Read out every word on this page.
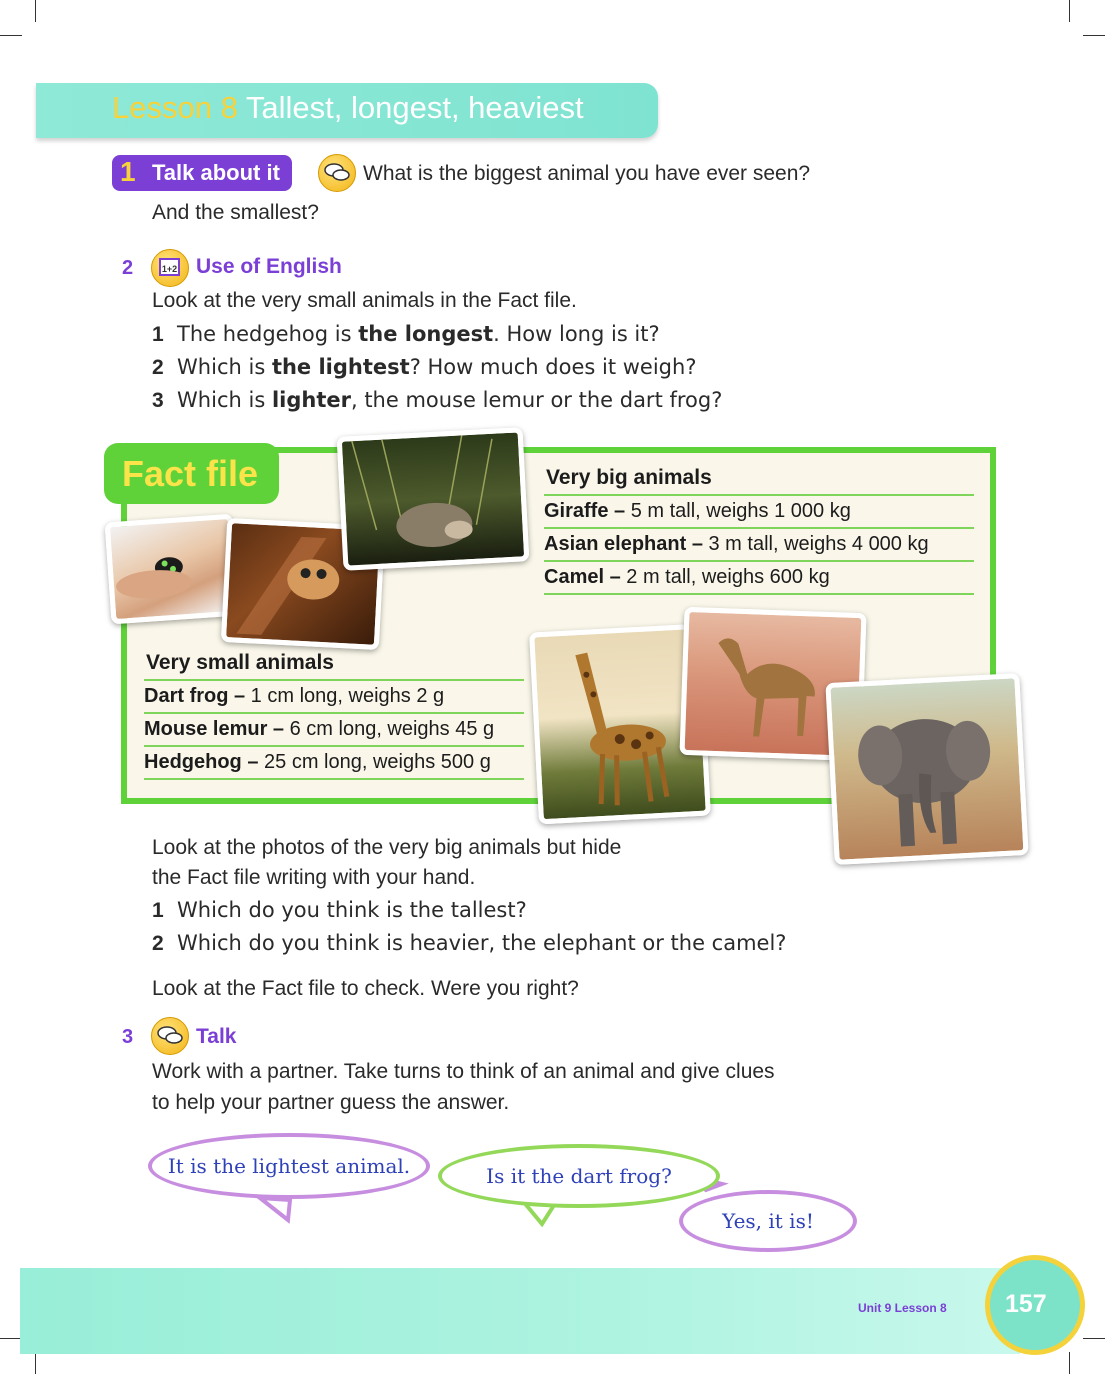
Lesson 8 Tallest, longest, heaviest
1 Talk about it	What is the biggest animal you have ever seen?
And the smallest?
2	1+2 Use of English
Look at the very small animals in the Fact file.
1 The hedgehog is the longest. How long is it?
2 Which is the lightest? How much does it weigh?
3 Which is lighter, the mouse lemur or the dart frog?
Fact file	Very big animals
Giraffe – 5 m tall, weighs 1 000 kg
Asian elephant – 3 m tall, weighs 4 000 kg
Camel – 2 m tall, weighs 600 kg
Very small animals
Dart frog – 1 cm long, weighs 2 g
Mouse lemur – 6 cm long, weighs 45 g
Hedgehog – 25 cm long, weighs 500 g
Look at the photos of the very big animals but hide
the Fact file writing with your hand.
1 Which do you think is the tallest?
2 Which do you think is heavier, the elephant or the camel?
Look at the Fact file to check. Were you right?
3	Talk
Work with a partner. Take turns to think of an animal and give clues
to help your partner guess the answer.
It is the lightest animal.	Is it the dart frog?
Yes, it is!
Unit 9 Lesson 8 157
